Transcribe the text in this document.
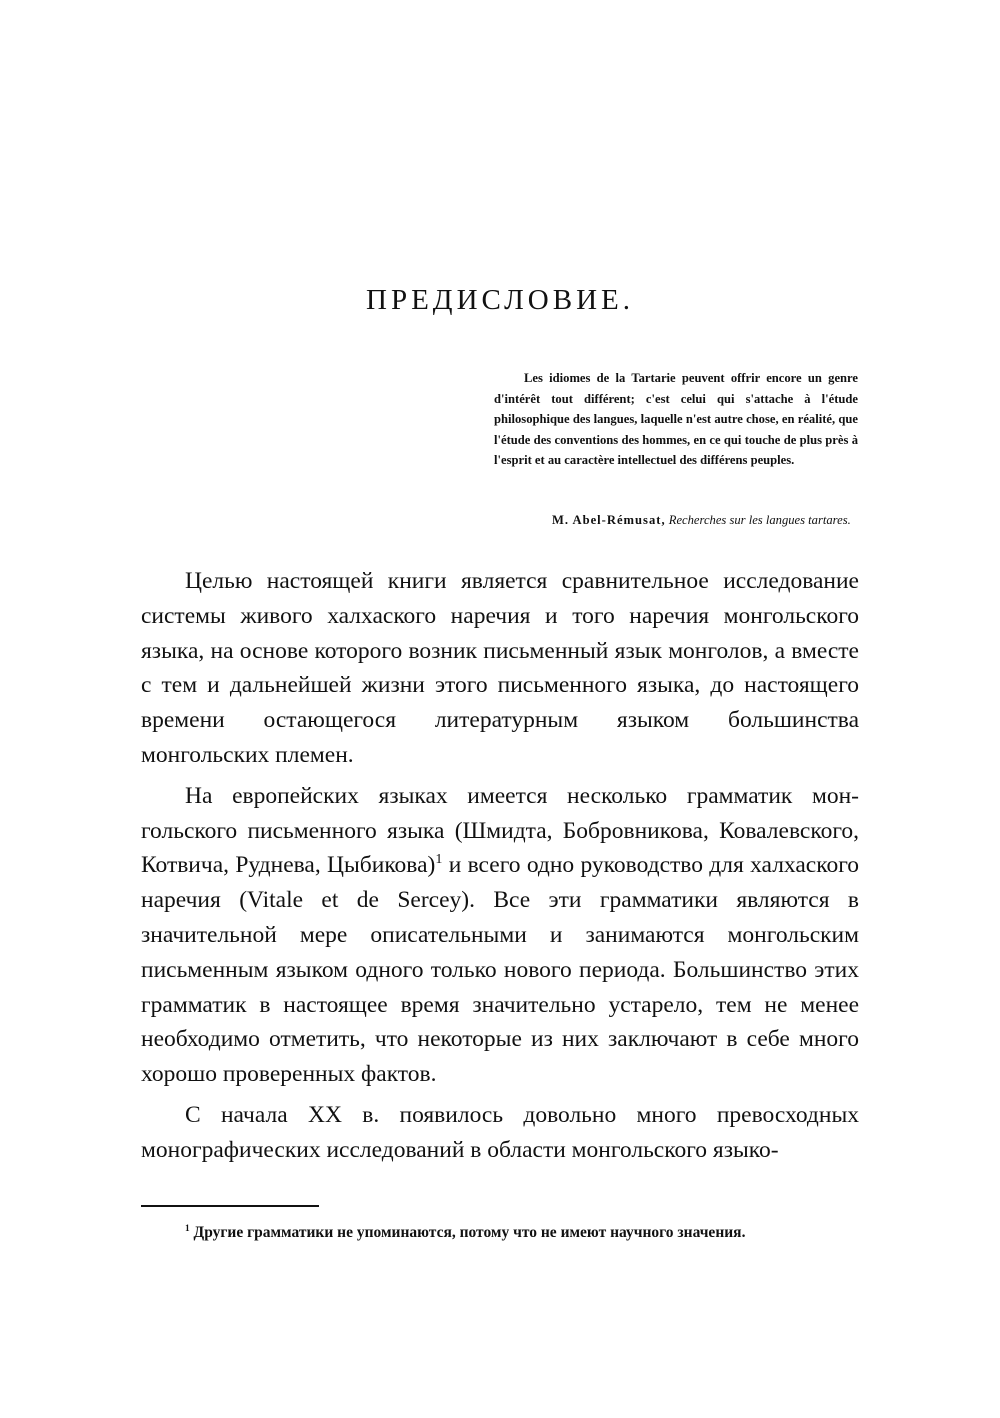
ПРЕДИСЛОВИЕ.

Les idiomes de la Tartarie peuvent offrir encore un genre d'intérêt tout différent; c'est celui qui s'attache à l'étude philosophique des langues, laquelle n'est autre chose, en réalité, que l'étude des conventions des hommes, en ce qui touche de plus près à l'esprit et au caractère intellectuel des différens peuples.

M. Abel-Rémusat, Recherches sur les langues tartares.

Целью настоящей книги является сравнительное исследование системы живого халхаского наречия и того наречия монгольского языка, на основе которого возник письменный язык монголов, а вместе с тем и дальнейшей жизни этого письменного языка, до настоящего времени остающегося литературным языком большинства монгольских племен.

На европейских языках имеется несколько грамматик монгольского письменного языка (Шмидта, Бобровникова, Ковалевского, Котвича, Руднева, Цыбикова)$^1$ и всего одно руководство для халхаского наречия (Vitale et de Sercey). Все эти грамматики являются в значительной мере описательными и занимаются монгольским письменным языком одного только нового периода. Большинство этих грамматик в настоящее время значительно устарело, тем не менее необходимо отметить, что некоторые из них заключают в себе много хорошо проверенных фактов.

С начала XX в. появилось довольно много превосходных монографических исследований в области монгольского языко-

$^1$ Другие грамматики не упоминаются, потому что не имеют научного значения.
